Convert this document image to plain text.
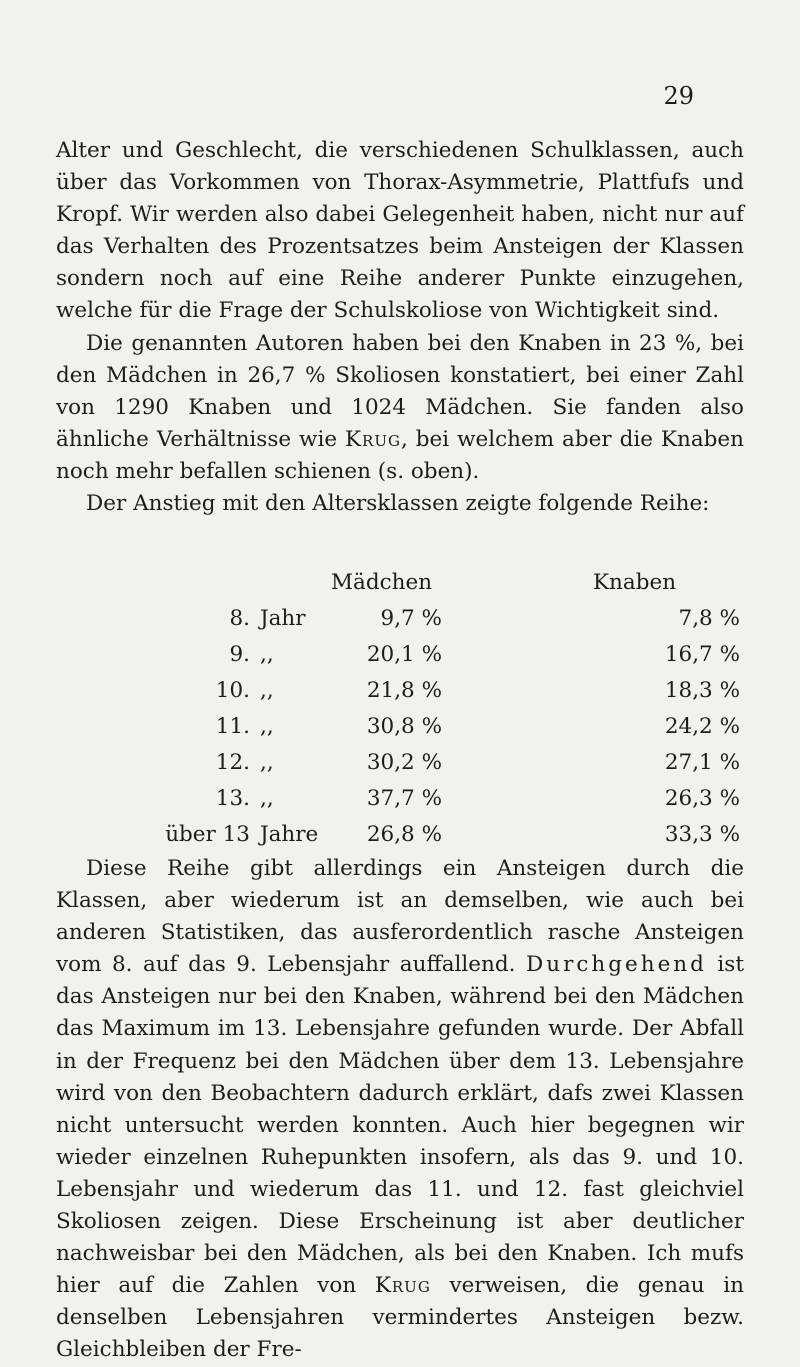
29

Alter und Geschlecht, die verschiedenen Schulklassen, auch über das Vorkommen von Thorax-Asymmetrie, Plattfufs und Kropf. Wir werden also dabei Gelegenheit haben, nicht nur auf das Verhalten des Prozentsatzes beim Ansteigen der Klassen sondern noch auf eine Reihe anderer Punkte einzugehen, welche für die Frage der Schulskoliose von Wichtigkeit sind.

Die genannten Autoren haben bei den Knaben in 23 %, bei den Mädchen in 26,7 % Skoliosen konstatiert, bei einer Zahl von 1290 Knaben und 1024 Mädchen. Sie fanden also ähnliche Verhältnisse wie Krug, bei welchem aber die Knaben noch mehr befallen schienen (s. oben).

Der Anstieg mit den Altersklassen zeigte folgende Reihe:

Mädchen	Knaben
8. Jahr	9,7 %	7,8 %
9. ,,	20,1 %	16,7 %
10. ,,	21,8 %	18,3 %
11. ,,	30,8 %	24,2 %
12. ,,	30,2 %	27,1 %
13. ,,	37,7 %	26,3 %
über 13 Jahre 26,8 %	33,3 %

Diese Reihe gibt allerdings ein Ansteigen durch die Klassen, aber wiederum ist an demselben, wie auch bei anderen Statistiken, das ausferordentlich rasche Ansteigen vom 8. auf das 9. Lebensjahr auffallend. Durchgehend ist das Ansteigen nur bei den Knaben, während bei den Mädchen das Maximum im 13. Lebensjahre gefunden wurde. Der Abfall in der Frequenz bei den Mädchen über dem 13. Lebensjahre wird von den Beobachtern dadurch erklärt, dafs zwei Klassen nicht untersucht werden konnten. Auch hier begegnen wir wieder einzelnen Ruhepunkten insofern, als das 9. und 10. Lebensjahr und wiederum das 11. und 12. fast gleichviel Skoliosen zeigen. Diese Erscheinung ist aber deutlicher nachweisbar bei den Mädchen, als bei den Knaben. Ich mufs hier auf die Zahlen von Krug verweisen, die genau in denselben Lebensjahren vermindertes Ansteigen bezw. Gleichbleiben der Fre-
